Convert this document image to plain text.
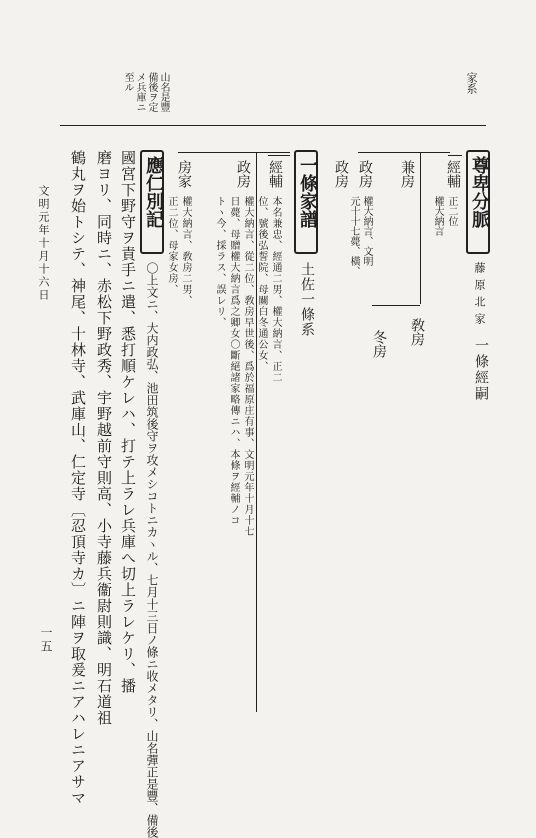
家系
山名是豐
備後ヲ定
メ兵庫ニ
至ル
尊卑分脈
藤原北家
一條經嗣
經輔
正二位
權大納言
兼房
敎房
冬房
政房
權大納言、文明
元十十七薨、橫、
政房
一條家譜
土佐一條系
經輔
本名兼忠、經通二男、權大納言、正二
位、號後弘誓院、母關白冬通公女、
政房
權大納言、從二位、敎房早世後、爲於福原庄有事、文明元年十月十七
日薨、母贈權大納言爲之卿女〇斷絕諸家略傳ニハ、本條ヲ經輔ノコ
トヽ今、採ラス、誤レリ、
房家
權大納言、敎房二男、
正二位、母家女房、
應仁別記
〇上文ニ、大内政弘、池田筑後守ヲ攻メシコトニカヽル、七月十三日ノ條ニ收メタリ、山名彈正是豐、備後
國宮下野守ヲ責手ニ遣、悉打順ケレハ、打テ上ラレ兵庫へ切上ラレケリ、播
磨ヨリ、同時ニ、赤松下野政秀、宇野越前守則高、小寺藤兵衞尉則識、明石道祖
鶴丸ヲ始トシテ、神尾、十林寺、武庫山、仁定寺〔忍頂寺カ〕ニ陣ヲ取爰ニアハレニアサマ
文明元年十月十六日
一五
